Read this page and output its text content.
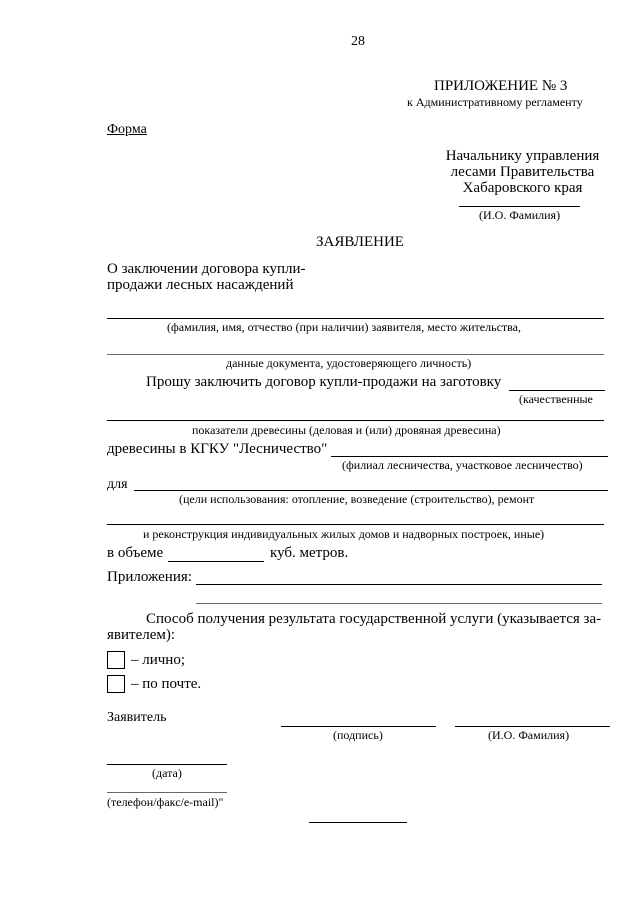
28
ПРИЛОЖЕНИЕ № 3
к Административному регламенту
Форма
Начальнику управления
лесами Правительства
Хабаровского края
(И.О. Фамилия)
ЗАЯВЛЕНИЕ
О заключении договора купли-
продажи лесных насаждений
(фамилия, имя, отчество (при наличии) заявителя, место жительства,
данные документа, удостоверяющего личность)
Прошу заключить договор купли-продажи на заготовку
(качественные
показатели древесины (деловая и (или) дровяная древесина)
древесины в КГКУ "Лесничество"
(филиал лесничества, участковое лесничество)
для
(цели использования: отопление, возведение (строительство), ремонт
и реконструкция индивидуальных жилых домов и надворных построек, иные)
в объеме	куб. метров.
Приложения:
Способ получения результата государственной услуги (указывается за-
явителем):
– лично;
– по почте.
Заявитель
(подпись)	(И.О. Фамилия)
(дата)
(телефон/факс/e-mail)"
